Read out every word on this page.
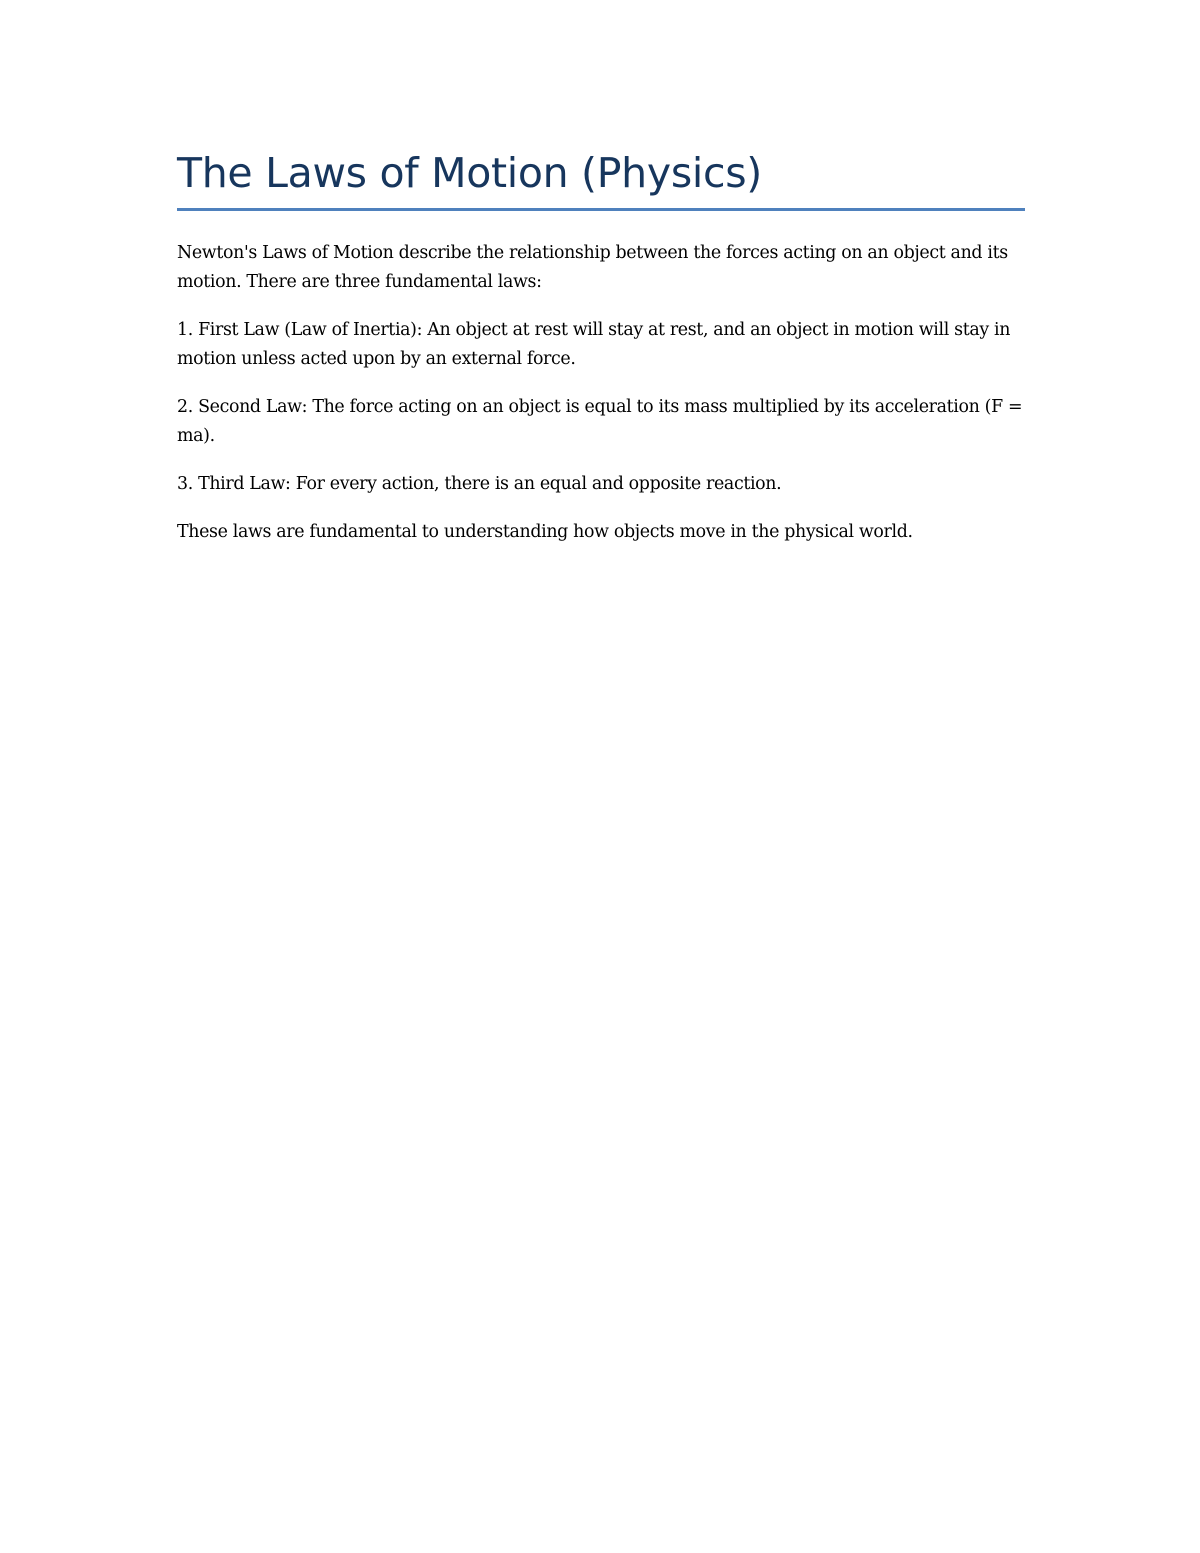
The Laws of Motion (Physics)

Newton's Laws of Motion describe the relationship between the forces acting on an object and its motion. There are three fundamental laws:

1. First Law (Law of Inertia): An object at rest will stay at rest, and an object in motion will stay in motion unless acted upon by an external force.

2. Second Law: The force acting on an object is equal to its mass multiplied by its acceleration (F = ma).

3. Third Law: For every action, there is an equal and opposite reaction.

These laws are fundamental to understanding how objects move in the physical world.
